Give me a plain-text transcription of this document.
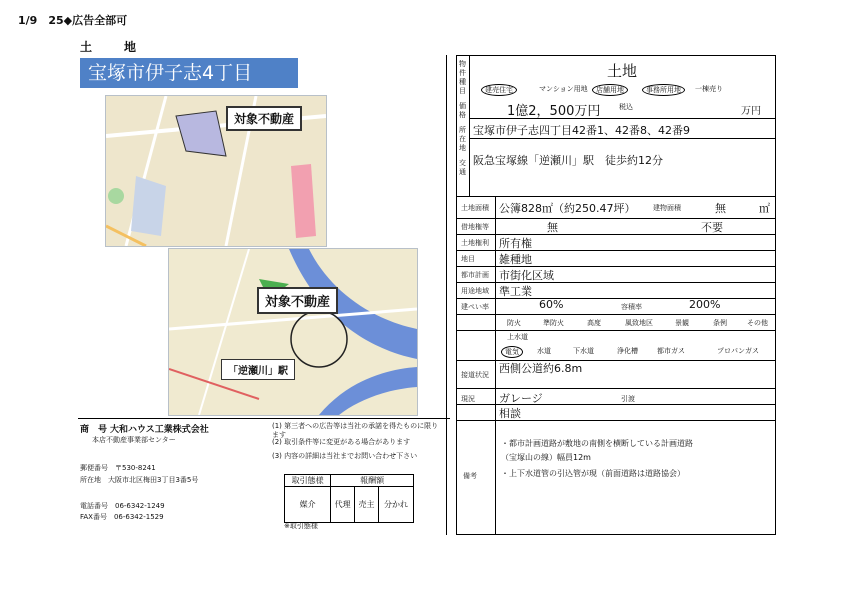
1/9　25◆広告全部可
土	地
宝塚市伊子志4丁目
対象不動産
対象不動産
「逆瀬川」駅
商　号 大和ハウス工業株式会社
本店不動産事業部センター
郵便番号　〒530-8241
所在地　大阪市北区梅田3丁目3番5号
電話番号　06-6342-1249
FAX番号　06-6342-1529
(1) 第三者への広告等は当社の承諾を得たものに限ります
(2) 取引条件等に変更がある場合があります
(3) 内容の詳細は当社までお問い合わせ下さい
取引態様	報酬額		
媒介	代理	売主	分かれ
※取引態様
物
件
種
目
価
格
所
在
地
交
通
土地
建売住宅	マンション用地	店舗用地	事務所用地	一棟売り
1億2，500万円	税込	万円
宝塚市伊子志四丁目42番1、42番8、42番9
阪急宝塚線「逆瀬川」駅　徒歩約12分
土地面積 公簿828㎡（約250.47坪）	建物面積	無	㎡
借地権等	無	不要
土地権利 所有権
地目 雑種地
都市計画 市街化区域
用途地域 準工業
建ぺい率	60%	容積率	200%
防火	準防火	高度	風致地区	景観	条例	その他
上水道
電気	水道	下水道	浄化槽	都市ガス	プロパンガス
接道状況 西側公道約6.8m
現況 ガレージ	引渡
相談
備考
・都市計画道路が敷地の南側を横断している計画道路
（宝塚山の線）幅員12m
・上下水道管の引込管が現（前面道路は道路協会）
